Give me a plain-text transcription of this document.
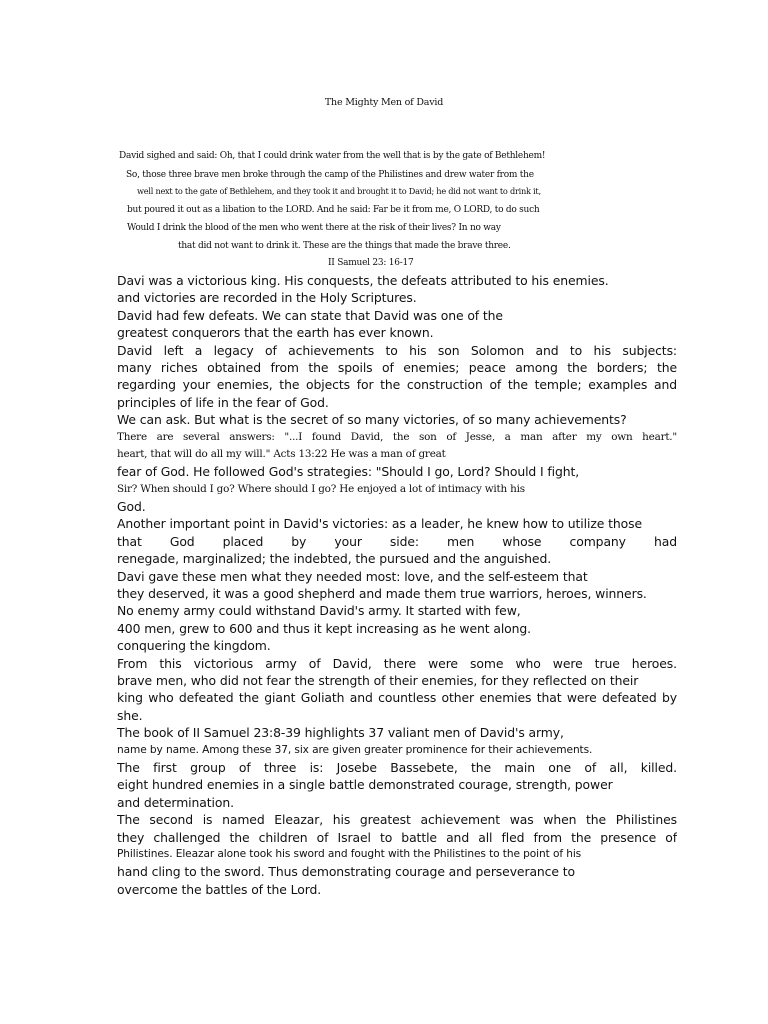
The Mighty Men of David
David sighed and said: Oh, that I could drink water from the well that is by the gate of Bethlehem!
So, those three brave men broke through the camp of the Philistines and drew water from the
well next to the gate of Bethlehem, and they took it and brought it to David; he did not want to drink it,
but poured it out as a libation to the LORD. And he said: Far be it from me, O LORD, to do such
Would I drink the blood of the men who went there at the risk of their lives? In no way
that did not want to drink it. These are the things that made the brave three.
II Samuel 23: 16-17
Davi was a victorious king. His conquests, the defeats attributed to his enemies.
and victories are recorded in the Holy Scriptures.
David had few defeats. We can state that David was one of the
greatest conquerors that the earth has ever known.
David left a legacy of achievements to his son Solomon and to his subjects:
many riches obtained from the spoils of enemies; peace among the borders; the
regarding your enemies, the objects for the construction of the temple; examples and
principles of life in the fear of God.
We can ask. But what is the secret of so many victories, of so many achievements?
There are several answers: "...I found David, the son of Jesse, a man after my own heart."
heart, that will do all my will." Acts 13:22 He was a man of great
fear of God. He followed God's strategies: "Should I go, Lord? Should I fight,
Sir? When should I go? Where should I go? He enjoyed a lot of intimacy with his
God.
Another important point in David's victories: as a leader, he knew how to utilize those
that God placed by your side: men whose company had
renegade, marginalized; the indebted, the pursued and the anguished.
Davi gave these men what they needed most: love, and the self-esteem that
they deserved, it was a good shepherd and made them true warriors, heroes, winners.
No enemy army could withstand David's army. It started with few,
400 men, grew to 600 and thus it kept increasing as he went along.
conquering the kingdom.
From this victorious army of David, there were some who were true heroes.
brave men, who did not fear the strength of their enemies, for they reflected on their
king who defeated the giant Goliath and countless other enemies that were defeated by
she.
The book of II Samuel 23:8-39 highlights 37 valiant men of David's army,
name by name. Among these 37, six are given greater prominence for their achievements.
The first group of three is: Josebe Bassebete, the main one of all, killed.
eight hundred enemies in a single battle demonstrated courage, strength, power
and determination.
The second is named Eleazar, his greatest achievement was when the Philistines
they challenged the children of Israel to battle and all fled from the presence of
Philistines. Eleazar alone took his sword and fought with the Philistines to the point of his
hand cling to the sword. Thus demonstrating courage and perseverance to
overcome the battles of the Lord.
